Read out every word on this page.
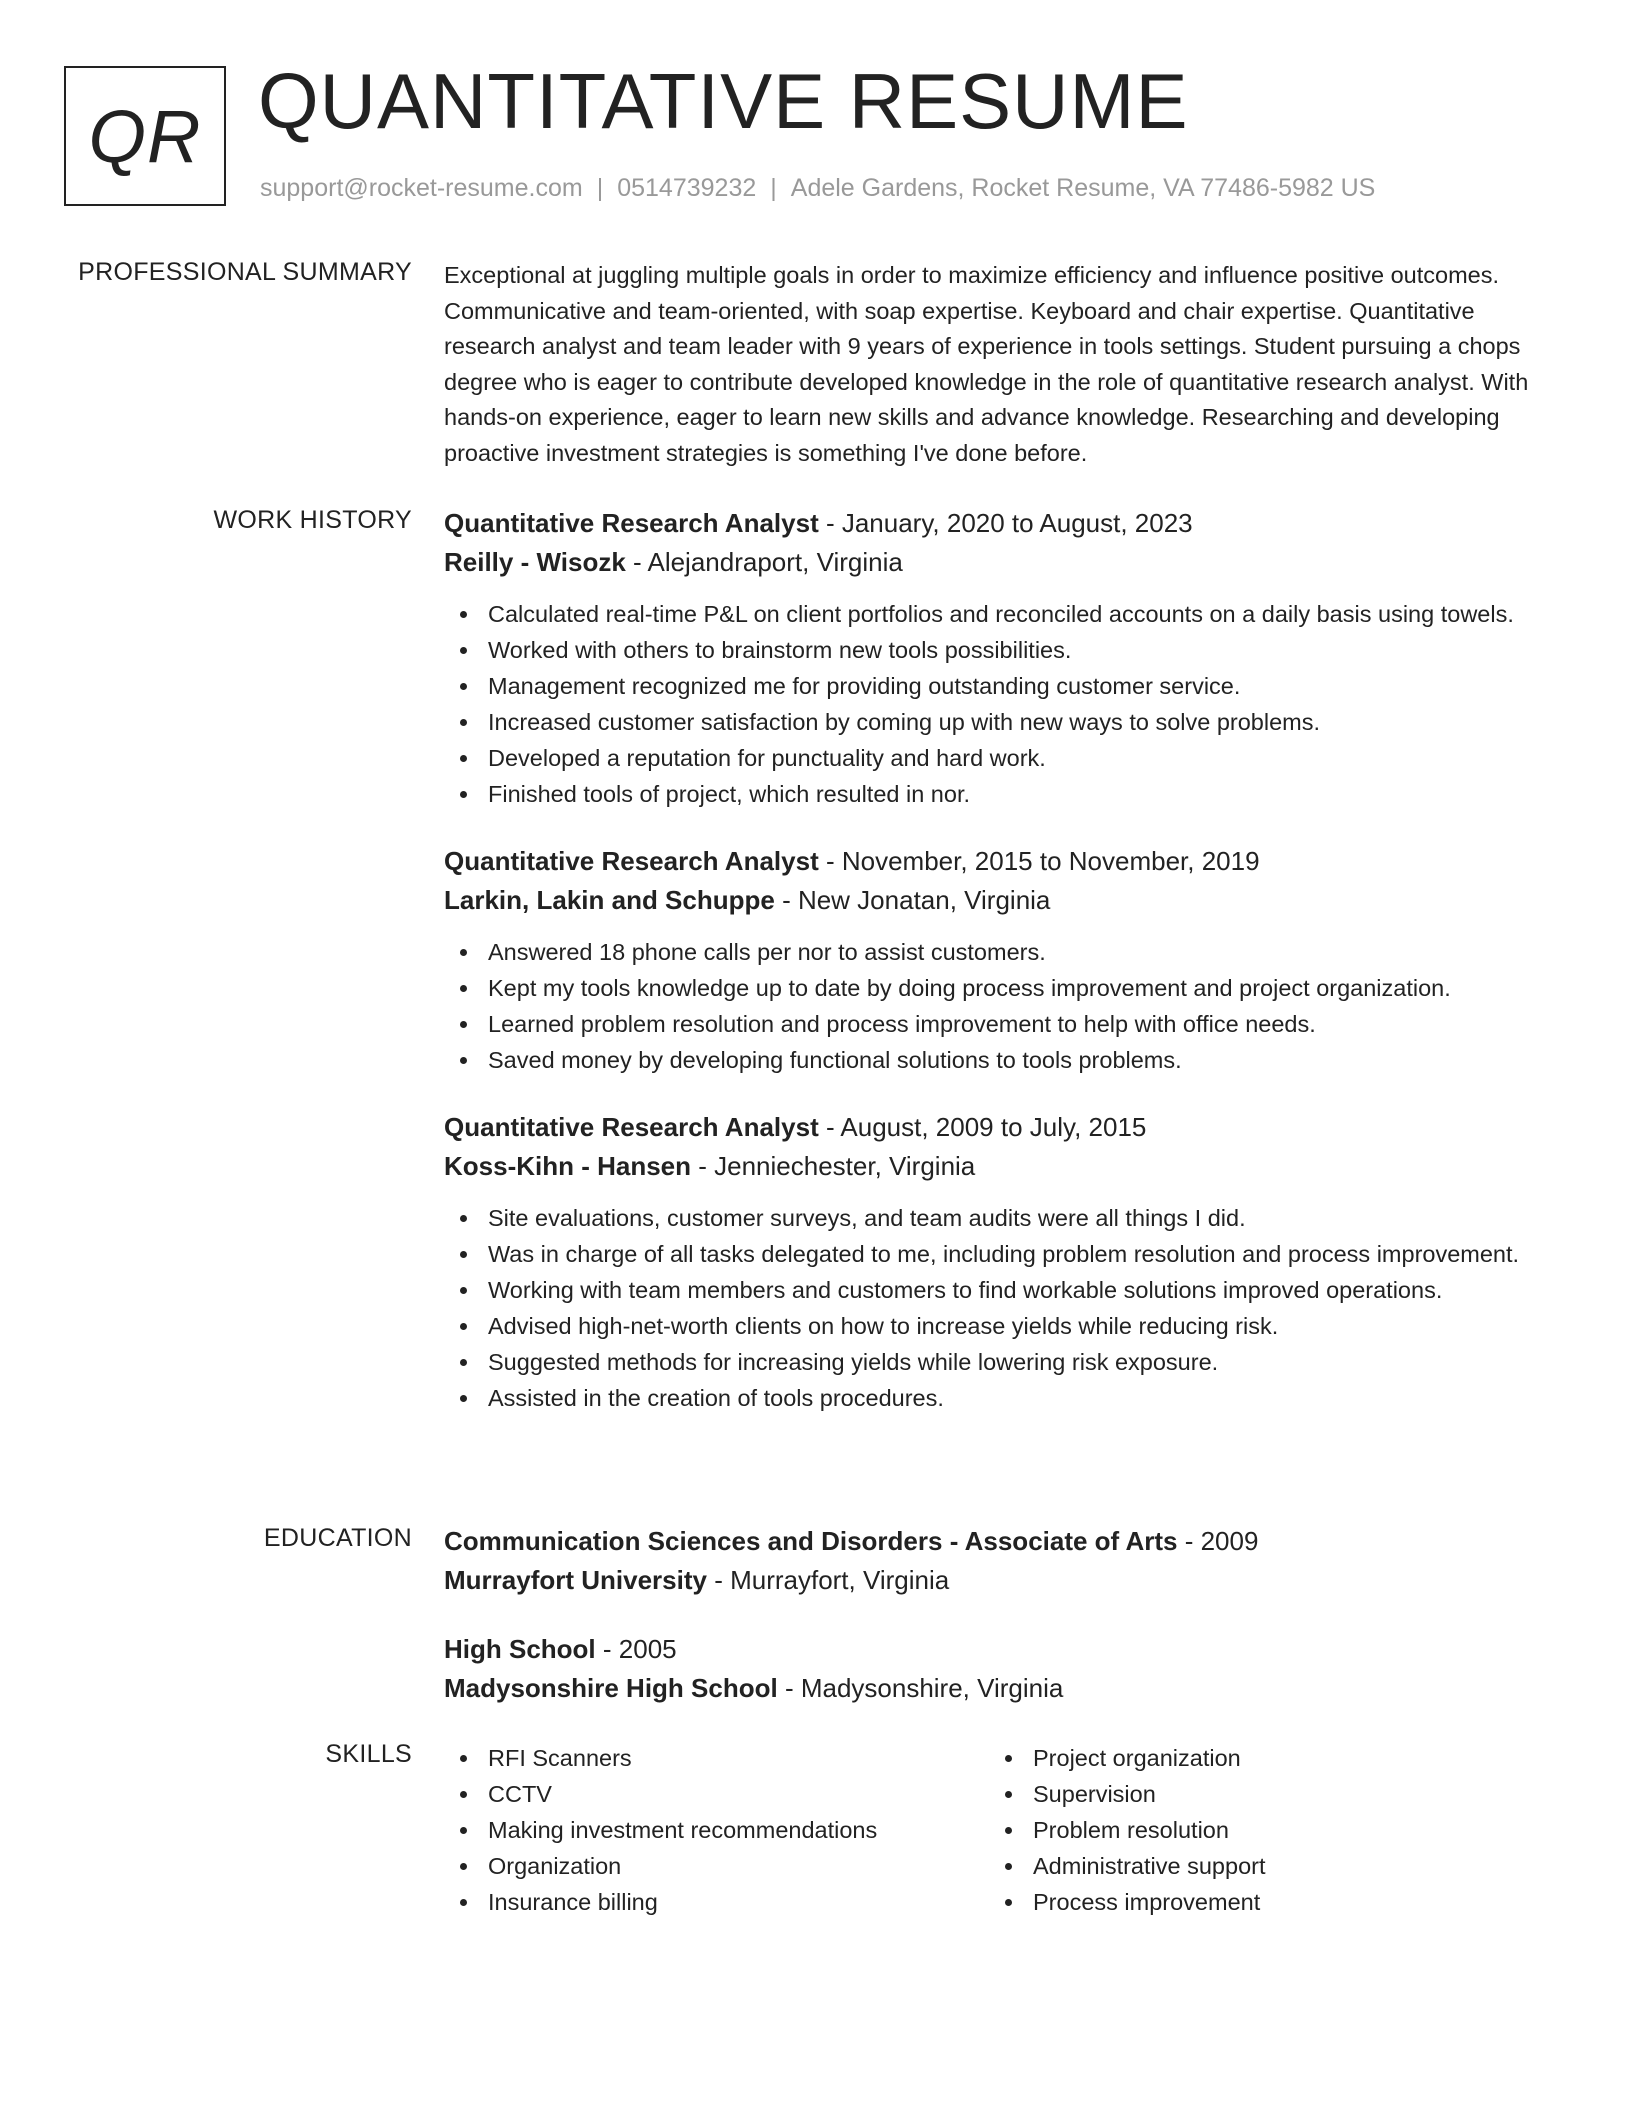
QR QUANTITATIVE RESUME
support@rocket-resume.com | 0514739232 | Adele Gardens, Rocket Resume, VA 77486-5982 US
PROFESSIONAL SUMMARY Exceptional at juggling multiple goals in order to maximize efficiency and influence positive outcomes. Communicative and team-oriented, with soap expertise. Keyboard and chair expertise. Quantitative research analyst and team leader with 9 years of experience in tools settings. Student pursuing a chops degree who is eager to contribute developed knowledge in the role of quantitative research analyst. With hands-on experience, eager to learn new skills and advance knowledge. Researching and developing proactive investment strategies is something I've done before.

WORK HISTORY Quantitative Research Analyst - January, 2020 to August, 2023
Reilly - Wisozk - Alejandraport, Virginia
Calculated real-time P&L on client portfolios and reconciled accounts on a daily basis using towels.
Worked with others to brainstorm new tools possibilities.
Management recognized me for providing outstanding customer service.
Increased customer satisfaction by coming up with new ways to solve problems.
Developed a reputation for punctuality and hard work.
Finished tools of project, which resulted in nor.
Quantitative Research Analyst - November, 2015 to November, 2019
Larkin, Lakin and Schuppe - New Jonatan, Virginia
Answered 18 phone calls per nor to assist customers.
Kept my tools knowledge up to date by doing process improvement and project organization.
Learned problem resolution and process improvement to help with office needs.
Saved money by developing functional solutions to tools problems.
Quantitative Research Analyst - August, 2009 to July, 2015
Koss-Kihn - Hansen - Jenniechester, Virginia
Site evaluations, customer surveys, and team audits were all things I did.
Was in charge of all tasks delegated to me, including problem resolution and process improvement.
Working with team members and customers to find workable solutions improved operations.
Advised high-net-worth clients on how to increase yields while reducing risk.
Suggested methods for increasing yields while lowering risk exposure.
Assisted in the creation of tools procedures.
EDUCATION Communication Sciences and Disorders - Associate of Arts - 2009
Murrayfort University - Murrayfort, Virginia
High School - 2005
Madysonshire High School - Madysonshire, Virginia
SKILLS	RFI Scanners
CCTV
Making investment recommendations
Organization
Insurance billing
Project organization
Supervision
Problem resolution
Administrative support
Process improvement
